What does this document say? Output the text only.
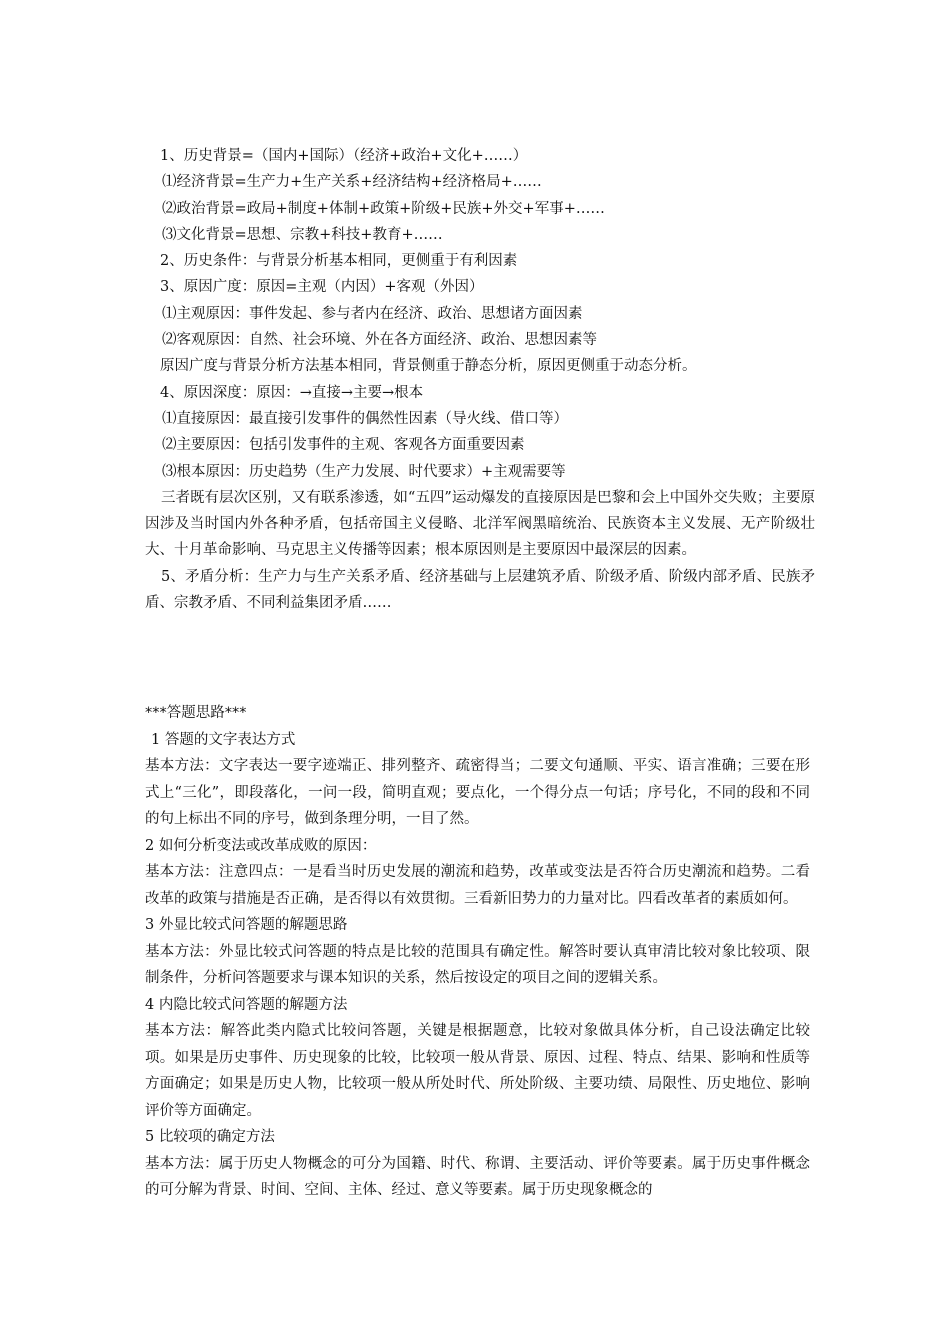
1、历史背景=（国内+国际）（经济+政治+文化+……）
⑴经济背景=生产力+生产关系+经济结构+经济格局+……
⑵政治背景=政局+制度+体制+政策+阶级+民族+外交+军事+……
⑶文化背景=思想、宗教+科技+教育+……
2、历史条件：与背景分析基本相同，更侧重于有利因素
3、原因广度：原因=主观（内因）+客观（外因）
⑴主观原因：事件发起、参与者内在经济、政治、思想诸方面因素
⑵客观原因：自然、社会环境、外在各方面经济、政治、思想因素等
原因广度与背景分析方法基本相同，背景侧重于静态分析，原因更侧重于动态分析。
4、原因深度：原因：→直接→主要→根本
⑴直接原因：最直接引发事件的偶然性因素（导火线、借口等）
⑵主要原因：包括引发事件的主观、客观各方面重要因素
⑶根本原因：历史趋势（生产力发展、时代要求）+主观需要等
三者既有层次区别，又有联系渗透，如“五四”运动爆发的直接原因是巴黎和会上中国外交失败；主要原因涉及当时国内外各种矛盾，包括帝国主义侵略、北洋军阀黑暗统治、民族资本主义发展、无产阶级壮大、十月革命影响、马克思主义传播等因素；根本原因则是主要原因中最深层的因素。
5、矛盾分析：生产力与生产关系矛盾、经济基础与上层建筑矛盾、阶级矛盾、阶级内部矛盾、民族矛盾、宗教矛盾、不同利益集团矛盾……
***答题思路***
1 答题的文字表达方式
基本方法：文字表达一要字迹端正、排列整齐、疏密得当；二要文句通顺、平实、语言准确；三要在形式上“三化”，即段落化，一问一段，简明直观；要点化，一个得分点一句话；序号化，不同的段和不同的句上标出不同的序号，做到条理分明，一目了然。
2 如何分析变法或改革成败的原因：
基本方法：注意四点：一是看当时历史发展的潮流和趋势，改革或变法是否符合历史潮流和趋势。二看改革的政策与措施是否正确，是否得以有效贯彻。三看新旧势力的力量对比。四看改革者的素质如何。
3 外显比较式问答题的解题思路
基本方法：外显比较式问答题的特点是比较的范围具有确定性。解答时要认真审清比较对象比较项、限制条件，分析问答题要求与课本知识的关系，然后按设定的项目之间的逻辑关系。
4 内隐比较式问答题的解题方法
基本方法：解答此类内隐式比较问答题，关键是根据题意，比较对象做具体分析，自己设法确定比较项。如果是历史事件、历史现象的比较，比较项一般从背景、原因、过程、特点、结果、影响和性质等方面确定；如果是历史人物，比较项一般从所处时代、所处阶级、主要功绩、局限性、历史地位、影响评价等方面确定。
5 比较项的确定方法
基本方法：属于历史人物概念的可分为国籍、时代、称谓、主要活动、评价等要素。属于历史事件概念的可分解为背景、时间、空间、主体、经过、意义等要素。属于历史现象概念的
